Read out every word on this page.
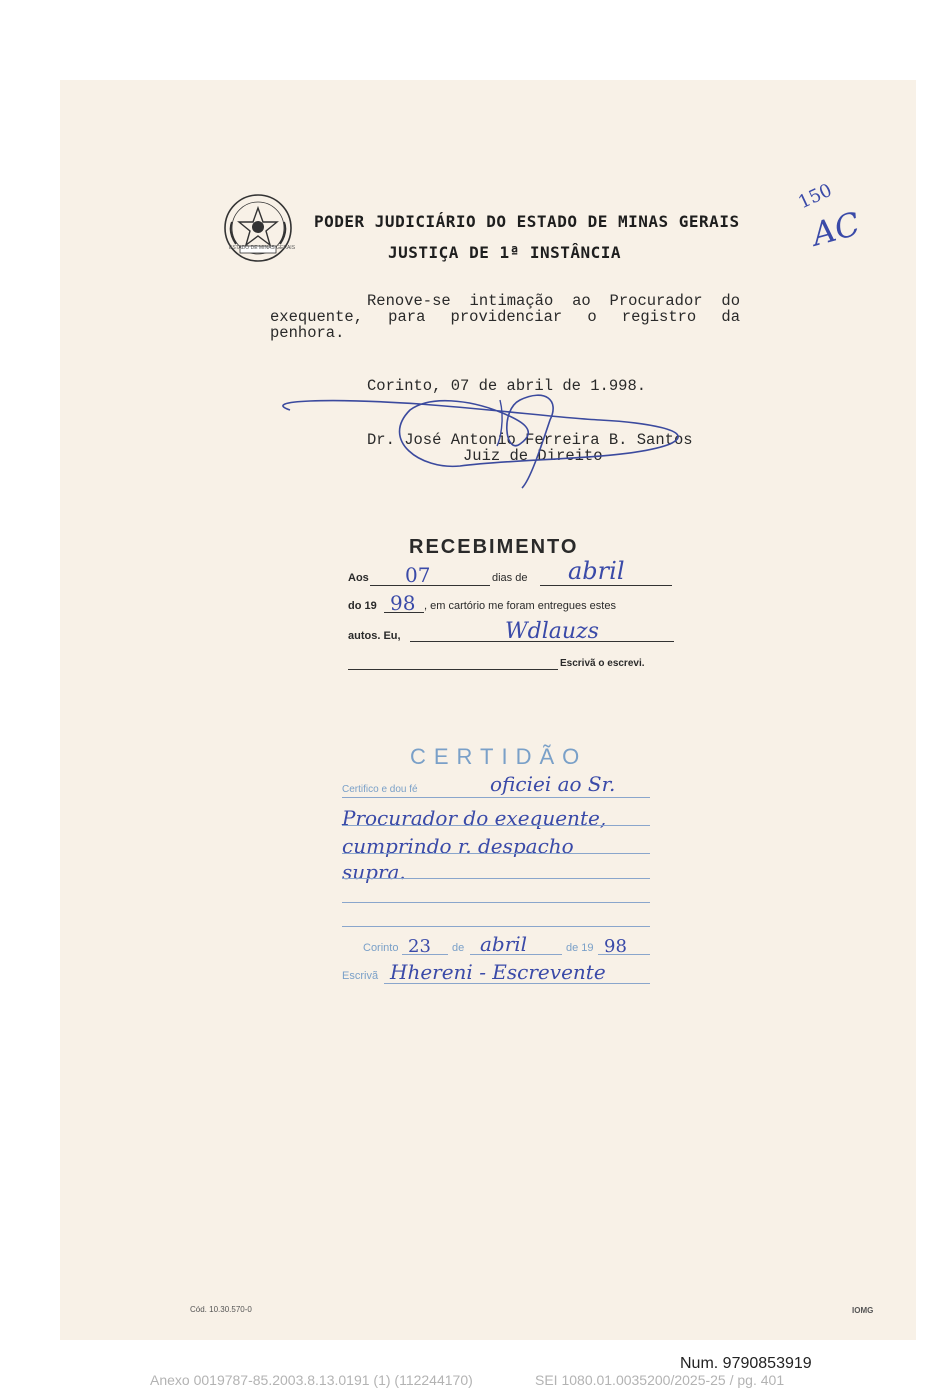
ESTADO DE MINAS GERAIS
PODER JUDICIÁRIO DO ESTADO DE MINAS GERAIS
JUSTIÇA DE 1ª INSTÂNCIA
150
AC
Renove-se intimação ao Procurador do exequente, para providenciar o registro da penhora.
Corinto, 07 de abril de 1.998.
Dr. José Antonio Ferreira B. Santos
Juiz de Direito
RECEBIMENTO
Aos 07	dias de abril
do 19 98 , em cartório me foram entregues estes
autos. Eu,	Wdlauzs
Escrivã o escrevi.
CERTIDÃO
Certifico e dou fé	oficiei ao Sr.
Procurador do exequente,
cumprindo r. despacho
supra.
Corinto 23 de abril	de 19 98
Escrivã Hhereni - Escrevente
Cód. 10.30.570-0	IOMG
Num. 9790853919
Anexo 0019787-85.2003.8.13.0191 (1) (112244170)	SEI 1080.01.0035200/2025-25 / pg. 401
